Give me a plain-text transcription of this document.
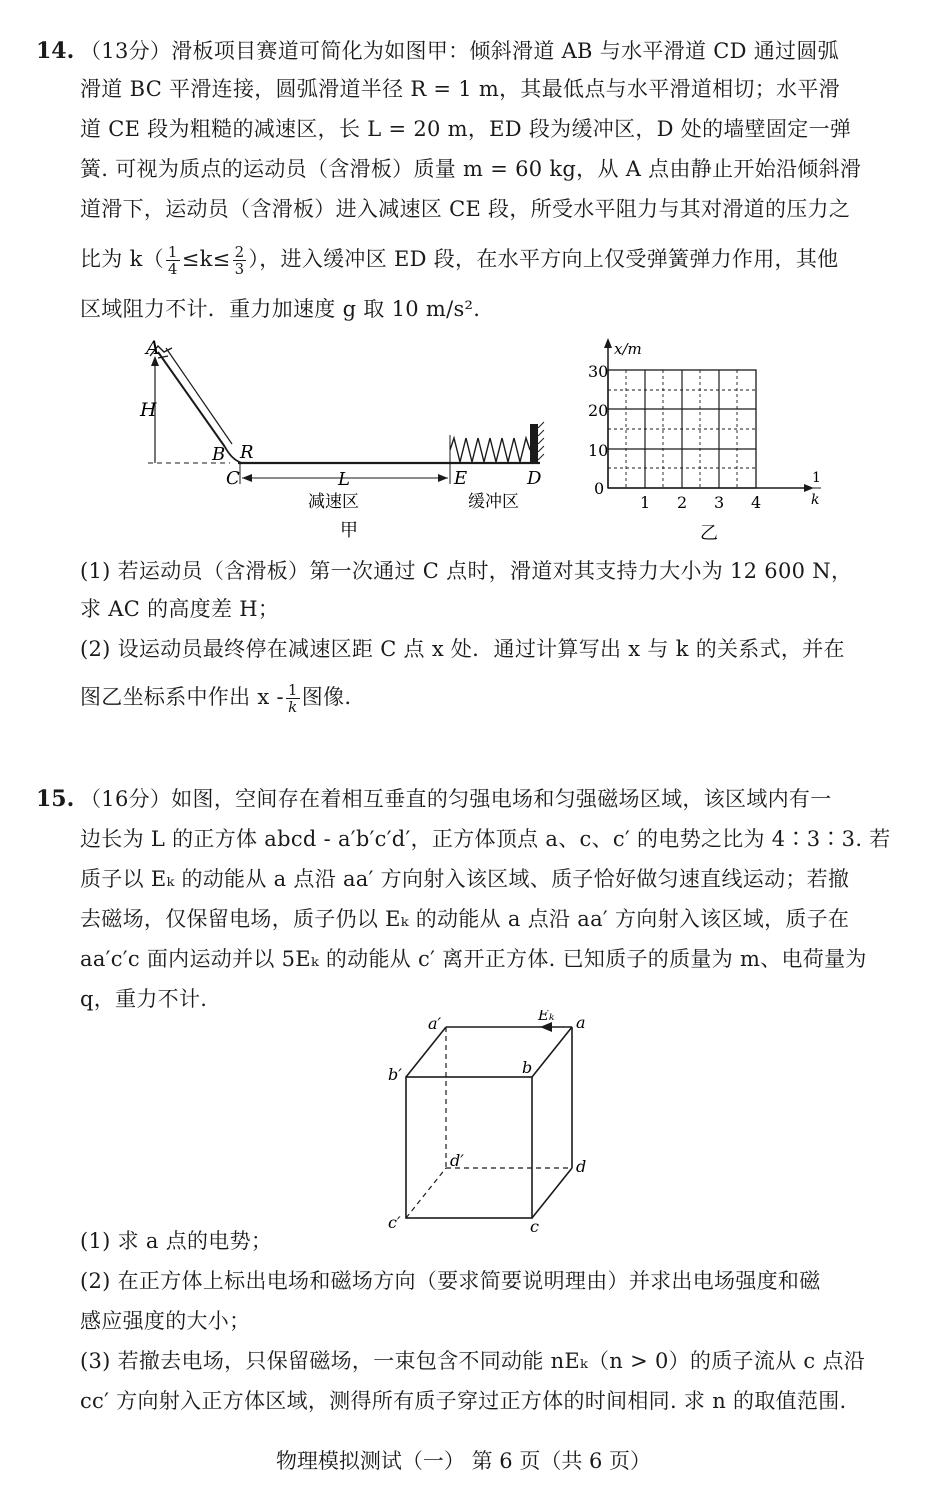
14. （13分）滑板项目赛道可简化为如图甲：倾斜滑道 AB 与水平滑道 CD 通过圆弧
滑道 BC 平滑连接，圆弧滑道半径 R = 1 m，其最低点与水平滑道相切；水平滑
道 CE 段为粗糙的减速区，长 L = 20 m，ED 段为缓冲区，D 处的墙壁固定一弹
簧. 可视为质点的运动员（含滑板）质量 m = 60 kg，从 A 点由静止开始沿倾斜滑
道滑下，运动员（含滑板）进入减速区 CE 段，所受水平阻力与其对滑道的压力之
比为 $k( \frac{1}{4} \le k\le \frac{2}{3}$ ），进入缓冲区 ED 段，在水平方向上仅受弹簧弹力作用，其他
区域阻力不计．重力加速度 g 取 10 m/s².
A
H
B R
C	L	E	D
减速区	缓冲区
甲
x/m
30
20
10
0
1 2 3 4
1
k
乙
(1) 若运动员（含滑板）第一次通过 C 点时，滑道对其支持力大小为 12 600 N，
求 AC 的高度差 H；
(2) 设运动员最终停在减速区距 C 点 x 处．通过计算写出 x 与 k 的关系式，并在
图乙坐标系中作出 x - $\frac{1}{k}$ 图像.
15. （16分）如图，空间存在着相互垂直的匀强电场和匀强磁场区域，该区域内有一
边长为 L 的正方体 abcd - a′b′c′d′，正方体顶点 a、c、c′ 的电势之比为 4∶3∶3. 若
质子以 Eₖ 的动能从 a 点沿 aa′ 方向射入该区域、质子恰好做匀速直线运动；若撤
去磁场，仅保留电场，质子仍以 Eₖ 的动能从 a 点沿 aa′ 方向射入该区域，质子在
aa′c′c 面内运动并以 5Eₖ 的动能从 c′ 离开正方体. 已知质子的质量为 m、电荷量为
q，重力不计.
a′	a
Eₖ
b′	b
d′	d
c′	c
(1) 求 a 点的电势；
(2) 在正方体上标出电场和磁场方向（要求简要说明理由）并求出电场强度和磁
感应强度的大小；
(3) 若撤去电场，只保留磁场，一束包含不同动能 nEₖ（n > 0）的质子流从 c 点沿
cc′ 方向射入正方体区域，测得所有质子穿过正方体的时间相同. 求 n 的取值范围.
物理模拟测试（一） 第 6 页（共 6 页）
